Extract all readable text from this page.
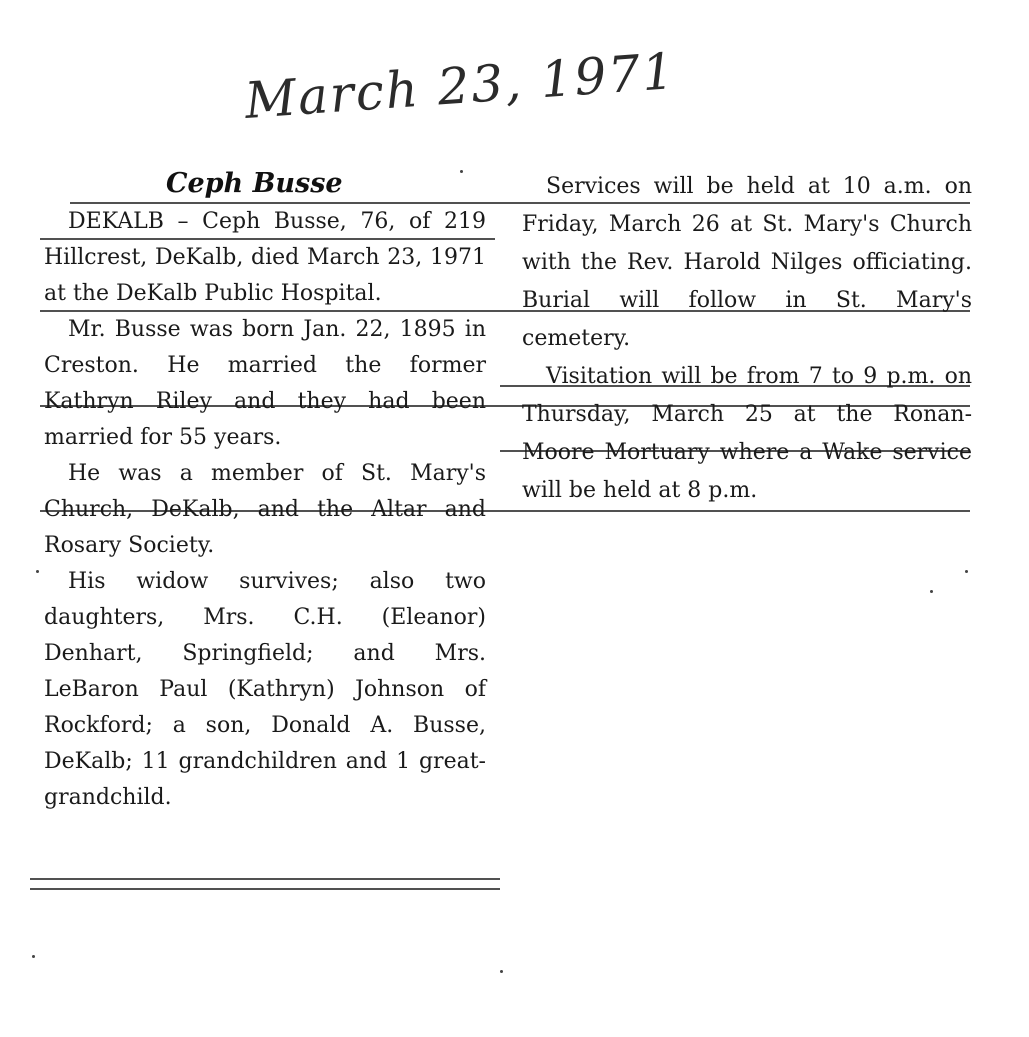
March 23, 1971
Ceph Busse

DEKALB – Ceph Busse, 76, of 219 Hillcrest, DeKalb, died March 23, 1971 at the DeKalb Public Hospital.

Mr. Busse was born Jan. 22, 1895 in Creston. He married the former Kathryn Riley and they had been married for 55 years.

He was a member of St. Mary's Church, DeKalb, and the Altar and Rosary Society.

His widow survives; also two daughters, Mrs. C.H. (Eleanor) Denhart, Springfield; and Mrs. LeBaron Paul (Kathryn) Johnson of Rockford; a son, Donald A. Busse, DeKalb; 11 grandchildren and 1 great-grandchild.

Services will be held at 10 a.m. on Friday, March 26 at St. Mary's Church with the Rev. Harold Nilges officiating. Burial will follow in St. Mary's cemetery.

Visitation will be from 7 to 9 p.m. on Thursday, March 25 at the Ronan-Moore Mortuary where a Wake service will be held at 8 p.m.
